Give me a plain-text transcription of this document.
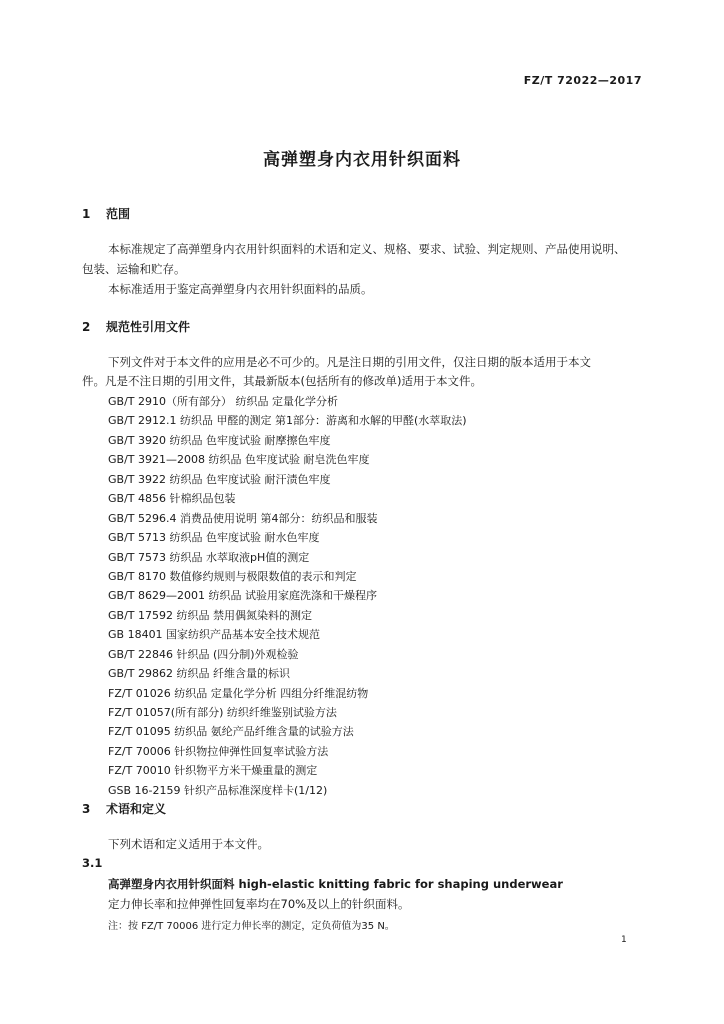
FZ/T 72022—2017
高弹塑身内衣用针织面料
1 范围
本标准规定了高弹塑身内衣用针织面料的术语和定义、规格、要求、试验、判定规则、产品使用说明、
包装、运输和贮存。
本标准适用于鉴定高弹塑身内衣用针织面料的品质。
2 规范性引用文件
下列文件对于本文件的应用是必不可少的。凡是注日期的引用文件，仅注日期的版本适用于本文
件。凡是不注日期的引用文件，其最新版本(包括所有的修改单)适用于本文件。
GB/T 2910（所有部分） 纺织品 定量化学分析
GB/T 2912.1 纺织品 甲醛的测定 第1部分：游离和水解的甲醛(水萃取法)
GB/T 3920 纺织品 色牢度试验 耐摩擦色牢度
GB/T 3921—2008 纺织品 色牢度试验 耐皂洗色牢度
GB/T 3922 纺织品 色牢度试验 耐汗渍色牢度
GB/T 4856 针棉织品包装
GB/T 5296.4 消费品使用说明 第4部分：纺织品和服装
GB/T 5713 纺织品 色牢度试验 耐水色牢度
GB/T 7573 纺织品 水萃取液pH值的测定
GB/T 8170 数值修约规则与极限数值的表示和判定
GB/T 8629—2001 纺织品 试验用家庭洗涤和干燥程序
GB/T 17592 纺织品 禁用偶氮染料的测定
GB 18401 国家纺织产品基本安全技术规范
GB/T 22846 针织品 (四分制)外观检验
GB/T 29862 纺织品 纤维含量的标识
FZ/T 01026 纺织品 定量化学分析 四组分纤维混纺物
FZ/T 01057(所有部分) 纺织纤维鉴别试验方法
FZ/T 01095 纺织品 氨纶产品纤维含量的试验方法
FZ/T 70006 针织物拉伸弹性回复率试验方法
FZ/T 70010 针织物平方米干燥重量的测定
GSB 16-2159 针织产品标准深度样卡(1/12)
3 术语和定义
下列术语和定义适用于本文件。
3.1
高弹塑身内衣用针织面料 high-elastic knitting fabric for shaping underwear
定力伸长率和拉伸弹性回复率均在70%及以上的针织面料。
注：按 FZ/T 70006 进行定力伸长率的测定，定负荷值为35 N。
1
